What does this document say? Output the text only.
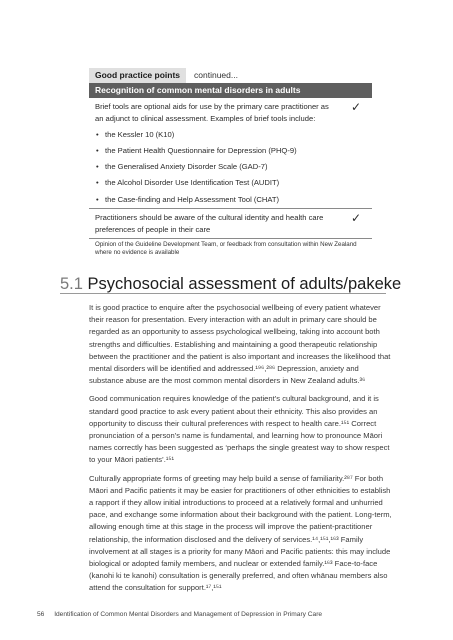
Good practice points	continued...
Recognition of common mental disorders in adults
Brief tools are optional aids for use by the primary care practitioner as an adjunct to clinical assessment. Examples of brief tools include:
• the Kessler 10 (K10)
• the Patient Health Questionnaire for Depression (PHQ-9)
• the Generalised Anxiety Disorder Scale (GAD-7)
• the Alcohol Disorder Use Identification Test (AUDIT)
• the Case-finding and Help Assessment Tool (CHAT)
✓
Practitioners should be aware of the cultural identity and health care preferences of people in their care
✓
Opinion of the Guideline Development Team, or feedback from consultation within New Zealand where no evidence is available
5.1 Psychosocial assessment of adults/pakeke

It is good practice to enquire after the psychosocial wellbeing of every patient whatever their reason for presentation. Every interaction with an adult in primary care should be regarded as an opportunity to assess psychological wellbeing, taking into account both strengths and difficulties. Establishing and maintaining a good therapeutic relationship between the practitioner and the patient is also important and increases the likelihood that mental disorders will be identified and addressed.¹⁹⁶,²⁸⁶ Depression, anxiety and substance abuse are the most common mental disorders in New Zealand adults.³⁶

Good communication requires knowledge of the patient’s cultural background, and it is standard good practice to ask every patient about their ethnicity. This also provides an opportunity to discuss their cultural preferences with respect to health care.¹⁵¹ Correct pronunciation of a person’s name is fundamental, and learning how to pronounce Māori names correctly has been suggested as ‘perhaps the single greatest way to show respect to your Māori patients’.¹⁵¹

Culturally appropriate forms of greeting may help build a sense of familiarity.²⁸⁷ For both Māori and Pacific patients it may be easier for practitioners of other ethnicities to establish a rapport if they allow initial introductions to proceed at a relatively formal and unhurried pace, and exchange some information about their background with the patient. Long-term, allowing enough time at this stage in the process will improve the patient-practitioner relationship, the information disclosed and the delivery of services.¹⁴,¹⁵¹,¹⁶³ Family involvement at all stages is a priority for many Māori and Pacific patients: this may include biological or adopted family members, and nuclear or extended family.¹⁶³ Face-to-face (kanohi ki te kanohi) consultation is generally preferred, and often whānau members also attend the consultation for support.¹⁷,¹⁵¹

56 Identification of Common Mental Disorders and Management of Depression in Primary Care
